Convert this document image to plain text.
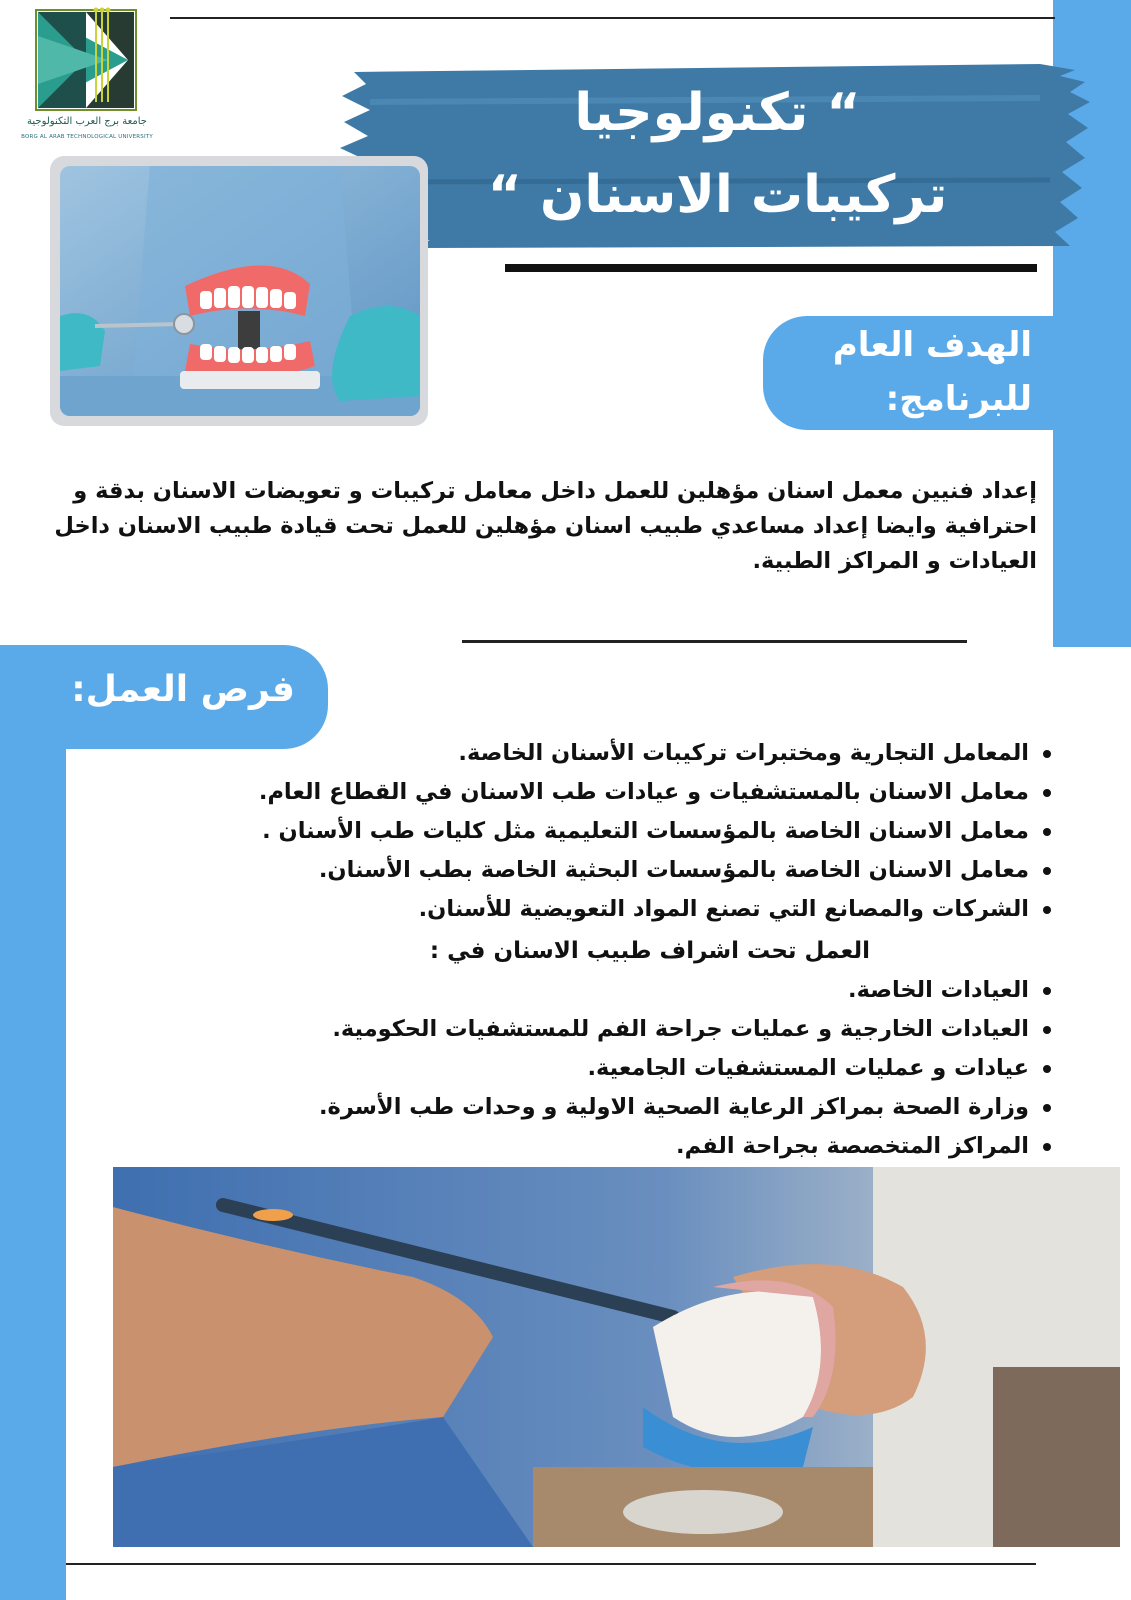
جامعة برج العرب التكنولوجية
BORG AL ARAB TECHNOLOGICAL UNIVERSITY	“ تكنولوجيا
تركيبات الاسنان “
الهدف العام
للبرنامج:
إعداد فنيين معمل اسنان مؤهلين للعمل داخل معامل تركيبات و تعويضات الاسنان بدقة و احترافية وايضا إعداد مساعدي طبيب اسنان مؤهلين للعمل تحت قيادة طبيب الاسنان داخل العيادات و المراكز الطبية.
فرص العمل:
المعامل التجارية ومختبرات تركيبات الأسنان الخاصة.
معامل الاسنان بالمستشفيات و عيادات طب الاسنان في القطاع العام.
معامل الاسنان الخاصة بالمؤسسات التعليمية مثل كليات طب الأسنان .
معامل الاسنان الخاصة بالمؤسسات البحثية الخاصة بطب الأسنان.
الشركات والمصانع التي تصنع المواد التعويضية للأسنان.
العمل تحت اشراف طبيب الاسنان في :
العيادات الخاصة.
العيادات الخارجية و عمليات جراحة الفم للمستشفيات الحكومية.
عيادات و عمليات المستشفيات الجامعية.
وزارة الصحة بمراكز الرعاية الصحية الاولية و وحدات طب الأسرة.
المراكز المتخصصة بجراحة الفم.
04
